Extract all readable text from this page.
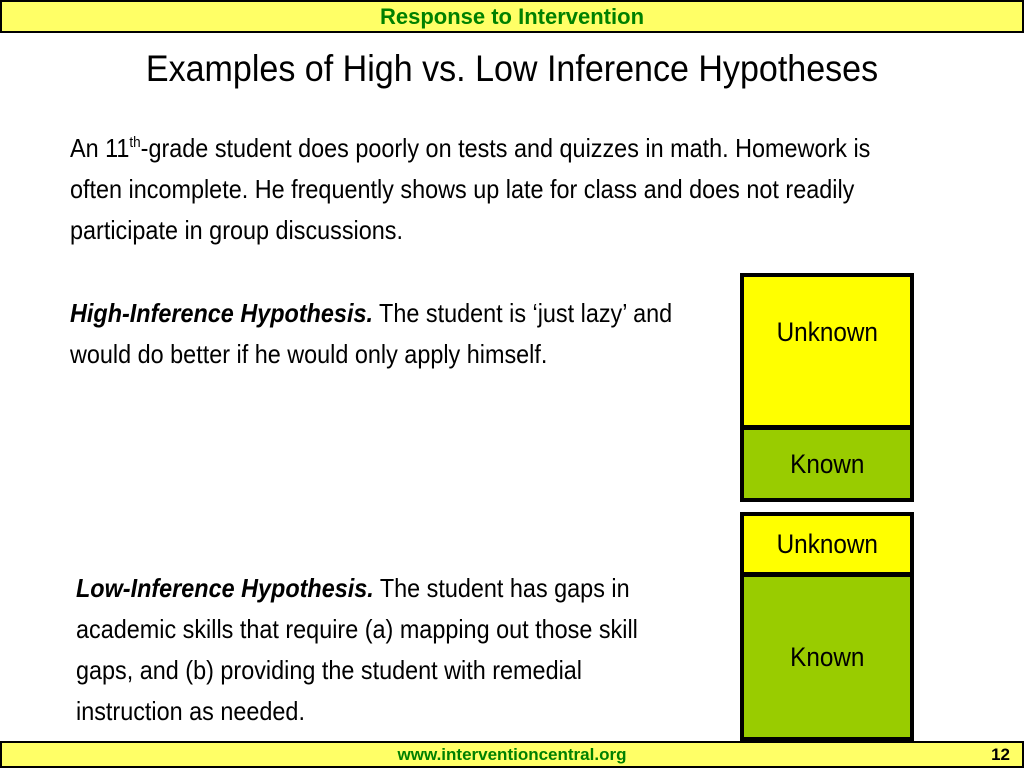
Response to Intervention
Examples of High vs. Low Inference Hypotheses
An 11th-grade student does poorly on tests and quizzes in math. Homework is often incomplete. He frequently shows up late for class and does not readily participate in group discussions.
High-Inference Hypothesis. The student is ‘just lazy’ and would do better if he would only apply himself.
Unknown
Known
Unknown
Known
Low-Inference Hypothesis. The student has gaps in academic skills that require (a) mapping out those skill gaps, and (b) providing the student with remedial instruction as needed.
www.interventioncentral.org	12
